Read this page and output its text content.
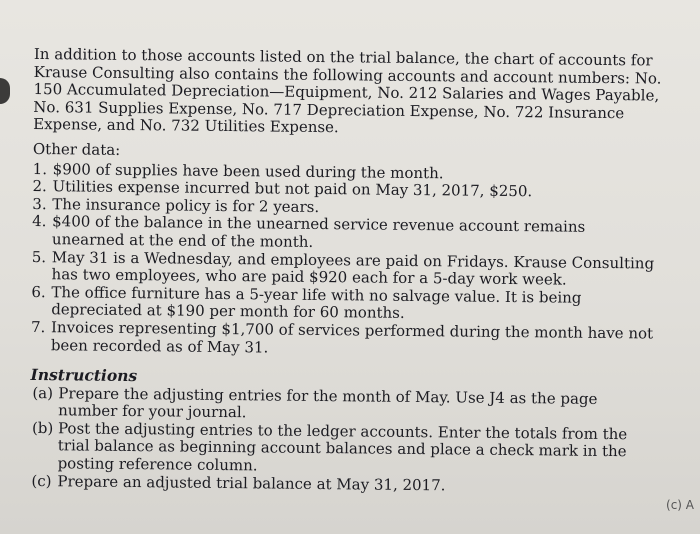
In addition to those accounts listed on the trial balance, the chart of accounts for Krause Consulting also contains the following accounts and account numbers: No. 150 Accumulated Depreciation—Equipment, No. 212 Salaries and Wages Payable, No. 631 Supplies Expense, No. 717 Depreciation Expense, No. 722 Insurance Expense, and No. 732 Utilities Expense.

Other data:
1. $900 of supplies have been used during the month.
2. Utilities expense incurred but not paid on May 31, 2017, $250.
3. The insurance policy is for 2 years.
4. $400 of the balance in the unearned service revenue account remains unearned at the end of the month.
5. May 31 is a Wednesday, and employees are paid on Fridays. Krause Consulting has two employees, who are paid $920 each for a 5-day work week.
6. The office furniture has a 5-year life with no salvage value. It is being depreciated at $190 per month for 60 months.
7. Invoices representing $1,700 of services performed during the month have not been recorded as of May 31.
Instructions
(a) Prepare the adjusting entries for the month of May. Use J4 as the page number for your journal.
(b) Post the adjusting entries to the ledger accounts. Enter the totals from the trial balance as beginning account balances and place a check mark in the posting reference column.
(c) Prepare an adjusted trial balance at May 31, 2017.
(c) A
